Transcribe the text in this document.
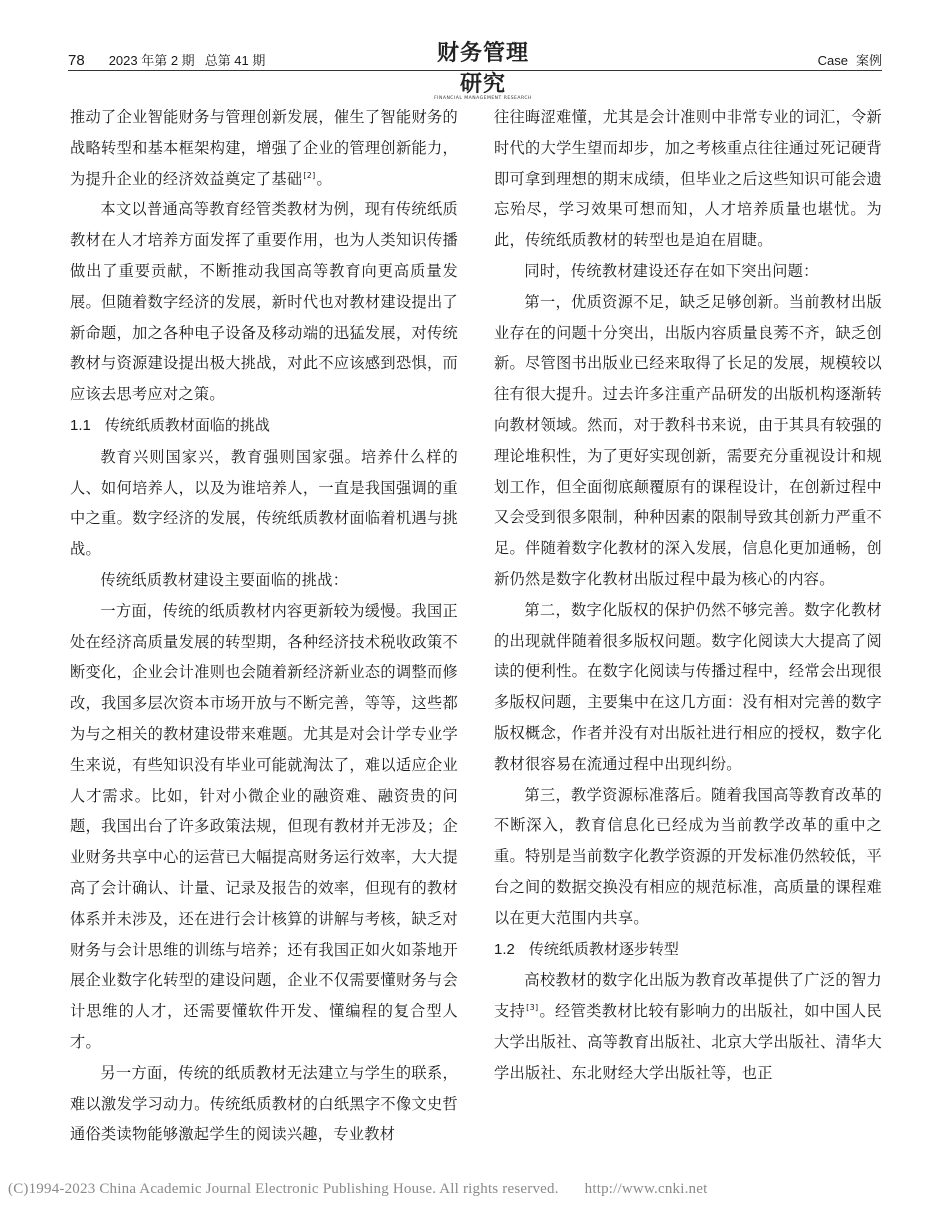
78 2023 年第 2 期 总第 41 期	财务管理研究
FINANCIAL MANAGEMENT RESEARCH
Case 案例

推动了企业智能财务与管理创新发展，催生了智能财务的战略转型和基本框架构建，增强了企业的管理创新能力，为提升企业的经济效益奠定了基础[2]。

本文以普通高等教育经管类教材为例，现有传统纸质教材在人才培养方面发挥了重要作用，也为人类知识传播做出了重要贡献，不断推动我国高等教育向更高质量发展。但随着数字经济的发展，新时代也对教材建设提出了新命题，加之各种电子设备及移动端的迅猛发展，对传统教材与资源建设提出极大挑战，对此不应该感到恐惧，而应该去思考应对之策。

1.1 传统纸质教材面临的挑战

教育兴则国家兴，教育强则国家强。培养什么样的人、如何培养人，以及为谁培养人，一直是我国强调的重中之重。数字经济的发展，传统纸质教材面临着机遇与挑战。

传统纸质教材建设主要面临的挑战：

一方面，传统的纸质教材内容更新较为缓慢。我国正处在经济高质量发展的转型期，各种经济技术税收政策不断变化，企业会计准则也会随着新经济新业态的调整而修改，我国多层次资本市场开放与不断完善，等等，这些都为与之相关的教材建设带来难题。尤其是对会计学专业学生来说，有些知识没有毕业可能就淘汰了，难以适应企业人才需求。比如，针对小微企业的融资难、融资贵的问题，我国出台了许多政策法规，但现有教材并无涉及；企业财务共享中心的运营已大幅提高财务运行效率，大大提高了会计确认、计量、记录及报告的效率，但现有的教材体系并未涉及，还在进行会计核算的讲解与考核，缺乏对财务与会计思维的训练与培养；还有我国正如火如荼地开展企业数字化转型的建设问题，企业不仅需要懂财务与会计思维的人才，还需要懂软件开发、懂编程的复合型人才。

另一方面，传统的纸质教材无法建立与学生的联系，难以激发学习动力。传统纸质教材的白纸黑字不像文史哲通俗类读物能够激起学生的阅读兴趣，专业教材

往往晦涩难懂，尤其是会计准则中非常专业的词汇，令新时代的大学生望而却步，加之考核重点往往通过死记硬背即可拿到理想的期末成绩，但毕业之后这些知识可能会遗忘殆尽，学习效果可想而知，人才培养质量也堪忧。为此，传统纸质教材的转型也是迫在眉睫。

同时，传统教材建设还存在如下突出问题：

第一，优质资源不足，缺乏足够创新。当前教材出版业存在的问题十分突出，出版内容质量良莠不齐，缺乏创新。尽管图书出版业已经来取得了长足的发展，规模较以往有很大提升。过去许多注重产品研发的出版机构逐渐转向教材领域。然而，对于教科书来说，由于其具有较强的理论堆积性，为了更好实现创新，需要充分重视设计和规划工作，但全面彻底颠覆原有的课程设计，在创新过程中又会受到很多限制，种种因素的限制导致其创新力严重不足。伴随着数字化教材的深入发展，信息化更加通畅，创新仍然是数字化教材出版过程中最为核心的内容。

第二，数字化版权的保护仍然不够完善。数字化教材的出现就伴随着很多版权问题。数字化阅读大大提高了阅读的便利性。在数字化阅读与传播过程中，经常会出现很多版权问题，主要集中在这几方面：没有相对完善的数字版权概念，作者并没有对出版社进行相应的授权，数字化教材很容易在流通过程中出现纠纷。

第三，教学资源标准落后。随着我国高等教育改革的不断深入，教育信息化已经成为当前教学改革的重中之重。特别是当前数字化教学资源的开发标准仍然较低，平台之间的数据交换没有相应的规范标准，高质量的课程难以在更大范围内共享。

1.2 传统纸质教材逐步转型

高校教材的数字化出版为教育改革提供了广泛的智力支持[3]。经管类教材比较有影响力的出版社，如中国人民大学出版社、高等教育出版社、北京大学出版社、清华大学出版社、东北财经大学出版社等，也正

(C)1994-2023 China Academic Journal Electronic Publishing House. All rights reserved. http://www.cnki.net
